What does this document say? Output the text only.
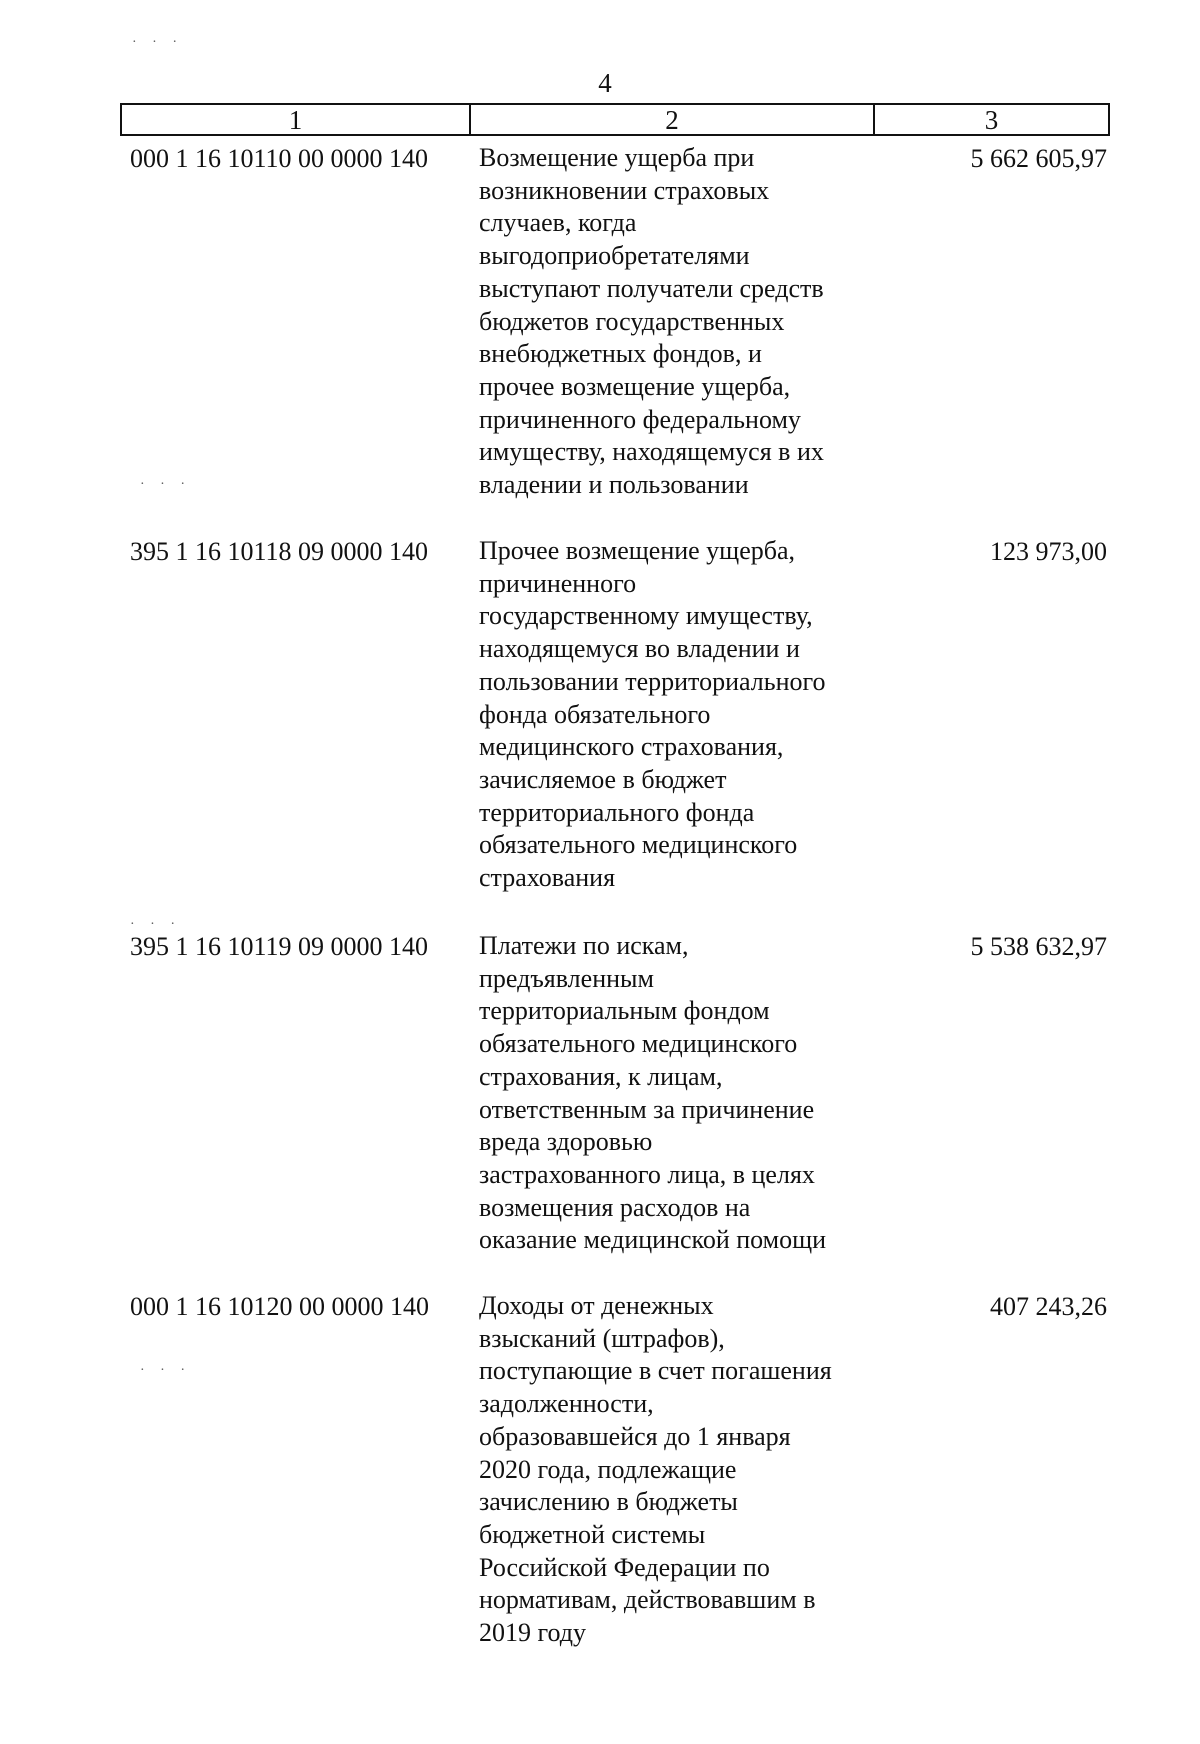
· · ·
· · ·
· · ·
· · ·
4
1	2	3
000 1 16 10110 00 0000 140 Возмещение ущерба при
возникновении страховых
случаев, когда
выгодоприобретателями
выступают получатели средств
бюджетов государственных
внебюджетных фондов, и
прочее возмещение ущерба,
причиненного федеральному
имуществу, находящемуся в их
владении и пользовании
5 662 605,97
395 1 16 10118 09 0000 140 Прочее возмещение ущерба,
причиненного
государственному имуществу,
находящемуся во владении и
пользовании территориального
фонда обязательного
медицинского страхования,
зачисляемое в бюджет
территориального фонда
обязательного медицинского
страхования
123 973,00
395 1 16 10119 09 0000 140 Платежи по искам,
предъявленным
территориальным фондом
обязательного медицинского
страхования, к лицам,
ответственным за причинение
вреда здоровью
застрахованного лица, в целях
возмещения расходов на
оказание медицинской помощи
5 538 632,97
000 1 16 10120 00 0000 140 Доходы от денежных
взысканий (штрафов),
поступающие в счет погашения
задолженности,
образовавшейся до 1 января
2020 года, подлежащие
зачислению в бюджеты
бюджетной системы
Российской Федерации по
нормативам, действовавшим в
2019 году
407 243,26
